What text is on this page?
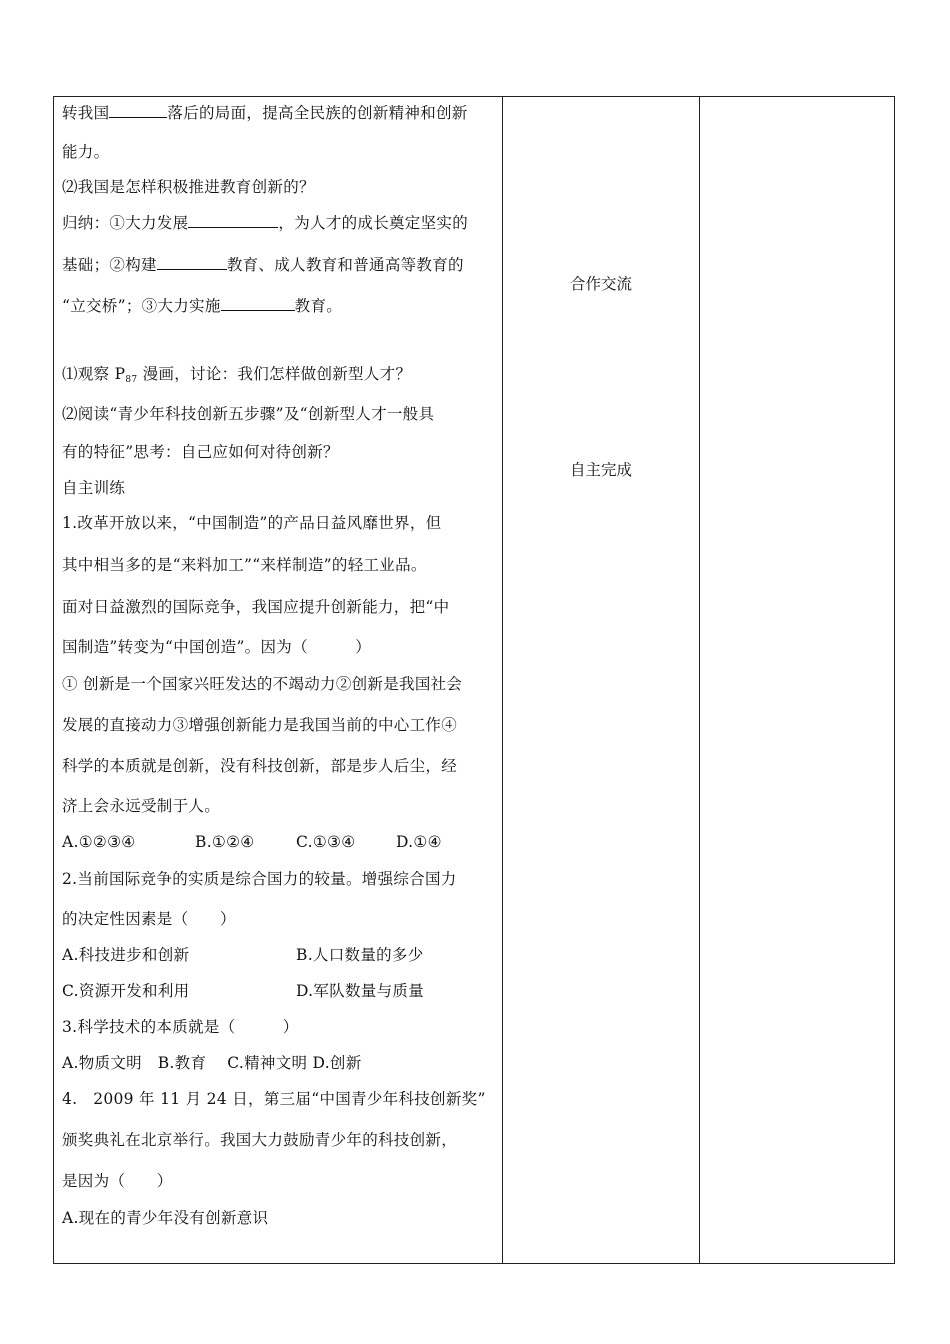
转我国	落后的局面，提高全民族的创新精神和创新
能力。
⑵我国是怎样积极推进教育创新的？
归纳：①大力发展	，为人才的成长奠定坚实的
基础；②构建	教育、成人教育和普通高等教育的
“立交桥”；③大力实施	教育。
⑴观察 $P_{87}$ 漫画，讨论：我们怎样做创新型人才？
⑵阅读“青少年科技创新五步骤”及“创新型人才一般具
有的特征”思考：自己应如何对待创新？
自主训练
1.改革开放以来，“中国制造”的产品日益风靡世界，但
其中相当多的是“来料加工”“来样制造”的轻工业品。
面对日益激烈的国际竞争，我国应提升创新能力，把“中
国制造”转变为“中国创造”。因为（　　　）
① 创新是一个国家兴旺发达的不竭动力②创新是我国社会
发展的直接动力③增强创新能力是我国当前的中心工作④
科学的本质就是创新，没有科技创新，部是步人后尘，经
济上会永远受制于人。
A.①②③④	B.①②④	C.①③④	D.①④
2.当前国际竞争的实质是综合国力的较量。增强综合国力
的决定性因素是（　　）
A.科技进步和创新	B.人口数量的多少
C.资源开发和利用	D.军队数量与质量
3.科学技术的本质就是（　　　）
A.物质文明　B.教育　 C.精神文明 D.创新
4.　2009 年 11 月 24 日，第三届“中国青少年科技创新奖”
颁奖典礼在北京举行。我国大力鼓励青少年的科技创新，
是因为（　　）
A.现在的青少年没有创新意识
合作交流
自主完成
